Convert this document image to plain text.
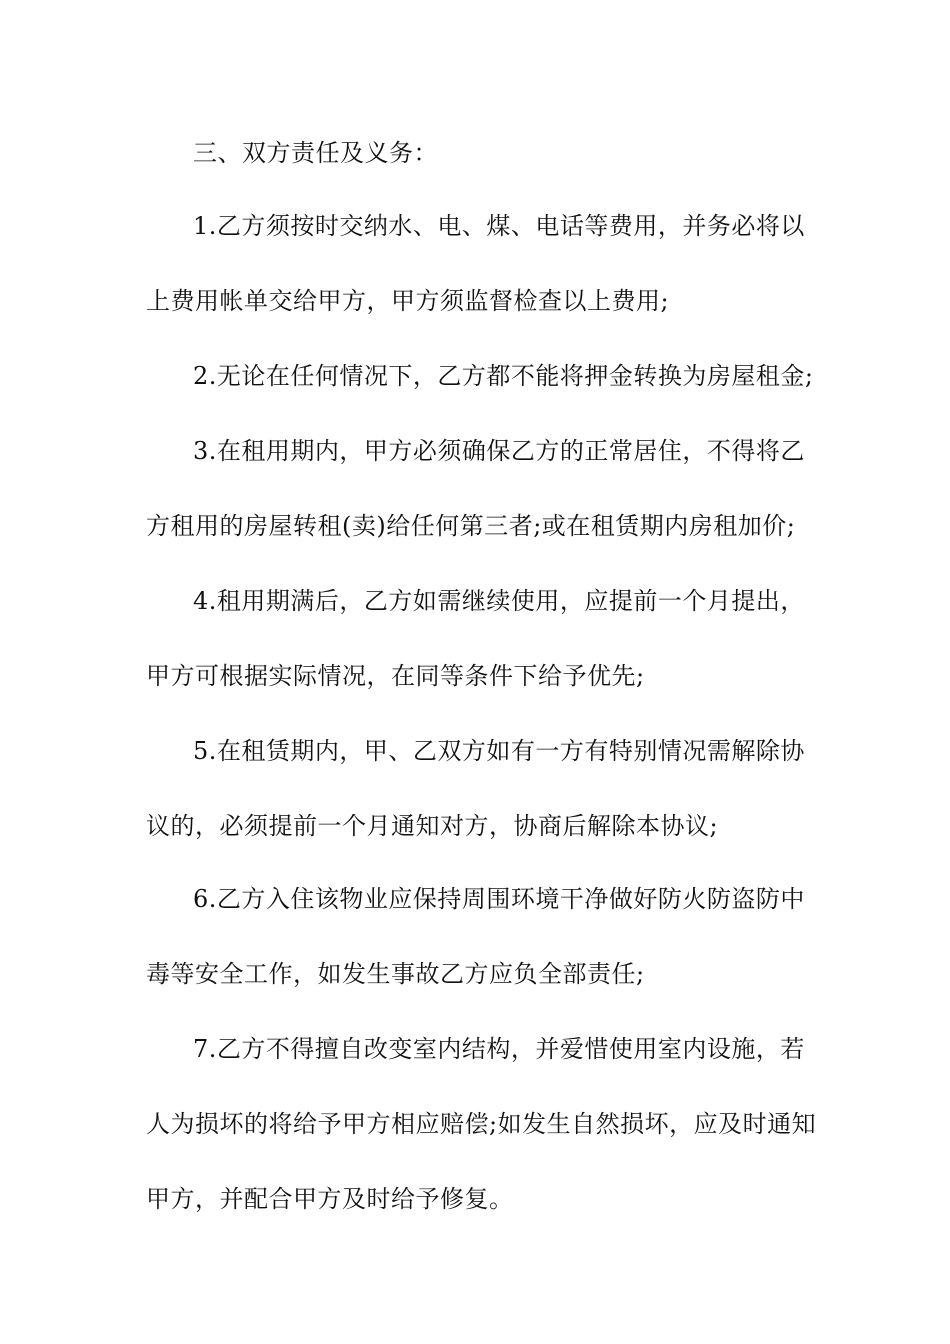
三、双方责任及义务：
1.乙方须按时交纳水、电、煤、电话等费用，并务必将以
上费用帐单交给甲方，甲方须监督检查以上费用;
2.无论在任何情况下，乙方都不能将押金转换为房屋租金;
3.在租用期内，甲方必须确保乙方的正常居住，不得将乙
方租用的房屋转租(卖)给任何第三者;或在租赁期内房租加价;
4.租用期满后，乙方如需继续使用，应提前一个月提出，
甲方可根据实际情况，在同等条件下给予优先;
5.在租赁期内，甲、乙双方如有一方有特别情况需解除协
议的，必须提前一个月通知对方，协商后解除本协议;
6.乙方入住该物业应保持周围环境干净做好防火防盗防中
毒等安全工作，如发生事故乙方应负全部责任;
7.乙方不得擅自改变室内结构，并爱惜使用室内设施，若
人为损坏的将给予甲方相应赔偿;如发生自然损坏，应及时通知
甲方，并配合甲方及时给予修复。
